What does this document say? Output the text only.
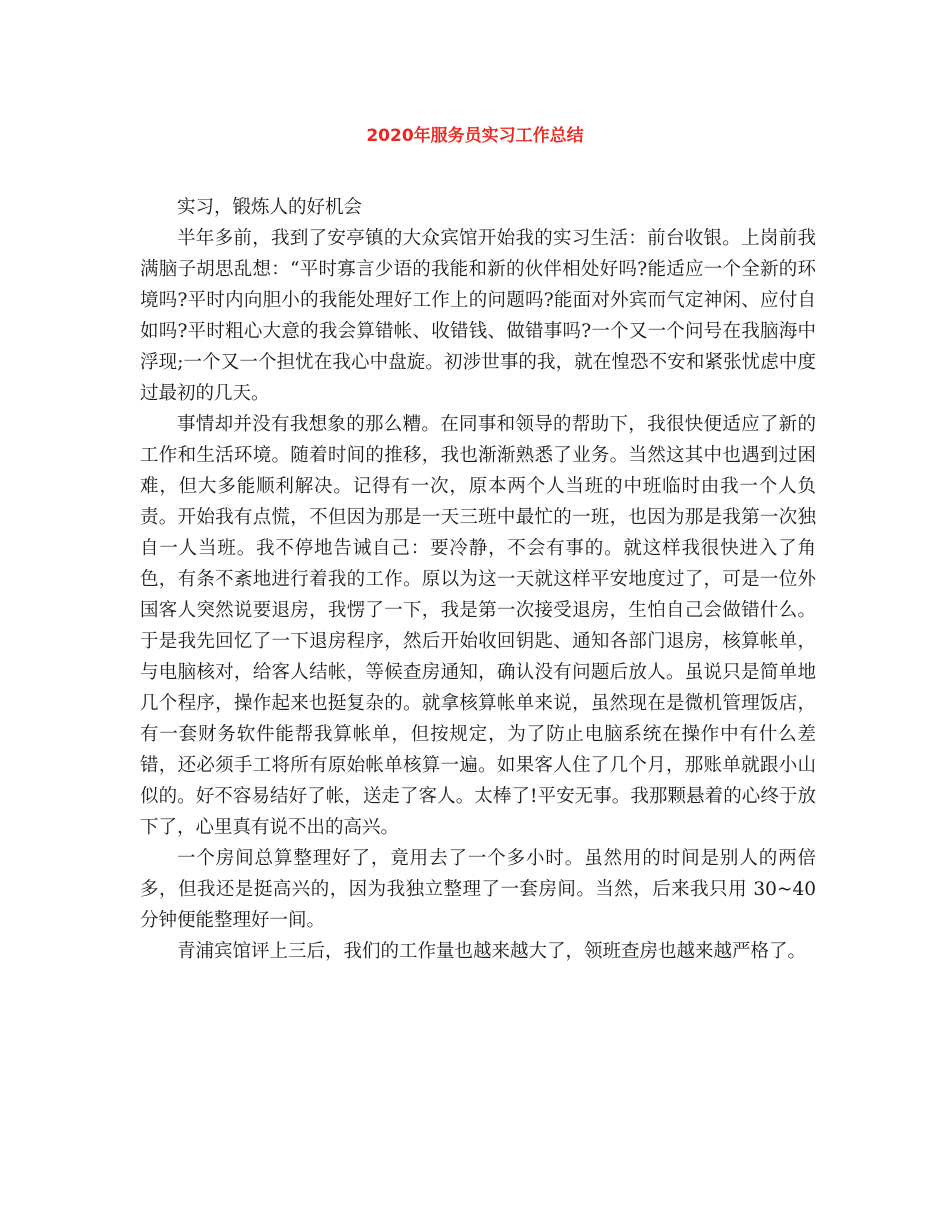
2020年服务员实习工作总结

实习，锻炼人的好机会

半年多前，我到了安亭镇的大众宾馆开始我的实习生活：前台收银。上岗前我满脑子胡思乱想：“平时寡言少语的我能和新的伙伴相处好吗?能适应一个全新的环境吗?平时内向胆小的我能处理好工作上的问题吗?能面对外宾而气定神闲、应付自如吗?平时粗心大意的我会算错帐、收错钱、做错事吗?一个又一个问号在我脑海中浮现;一个又一个担忧在我心中盘旋。初涉世事的我，就在惶恐不安和紧张忧虑中度过最初的几天。

事情却并没有我想象的那么糟。在同事和领导的帮助下，我很快便适应了新的工作和生活环境。随着时间的推移，我也渐渐熟悉了业务。当然这其中也遇到过困难，但大多能顺利解决。记得有一次，原本两个人当班的中班临时由我一个人负责。开始我有点慌，不但因为那是一天三班中最忙的一班，也因为那是我第一次独自一人当班。我不停地告诫自己：要冷静，不会有事的。就这样我很快进入了角色，有条不紊地进行着我的工作。原以为这一天就这样平安地度过了，可是一位外国客人突然说要退房，我愣了一下，我是第一次接受退房，生怕自己会做错什么。于是我先回忆了一下退房程序，然后开始收回钥匙、通知各部门退房，核算帐单，与电脑核对，给客人结帐，等候查房通知，确认没有问题后放人。虽说只是简单地几个程序，操作起来也挺复杂的。就拿核算帐单来说，虽然现在是微机管理饭店，有一套财务软件能帮我算帐单，但按规定，为了防止电脑系统在操作中有什么差错，还必须手工将所有原始帐单核算一遍。如果客人住了几个月，那账单就跟小山似的。好不容易结好了帐，送走了客人。太棒了!平安无事。我那颗悬着的心终于放下了，心里真有说不出的高兴。

一个房间总算整理好了，竟用去了一个多小时。虽然用的时间是别人的两倍多，但我还是挺高兴的，因为我独立整理了一套房间。当然，后来我只用 30~40 分钟便能整理好一间。

青浦宾馆评上三后，我们的工作量也越来越大了，领班查房也越来越严格了。
